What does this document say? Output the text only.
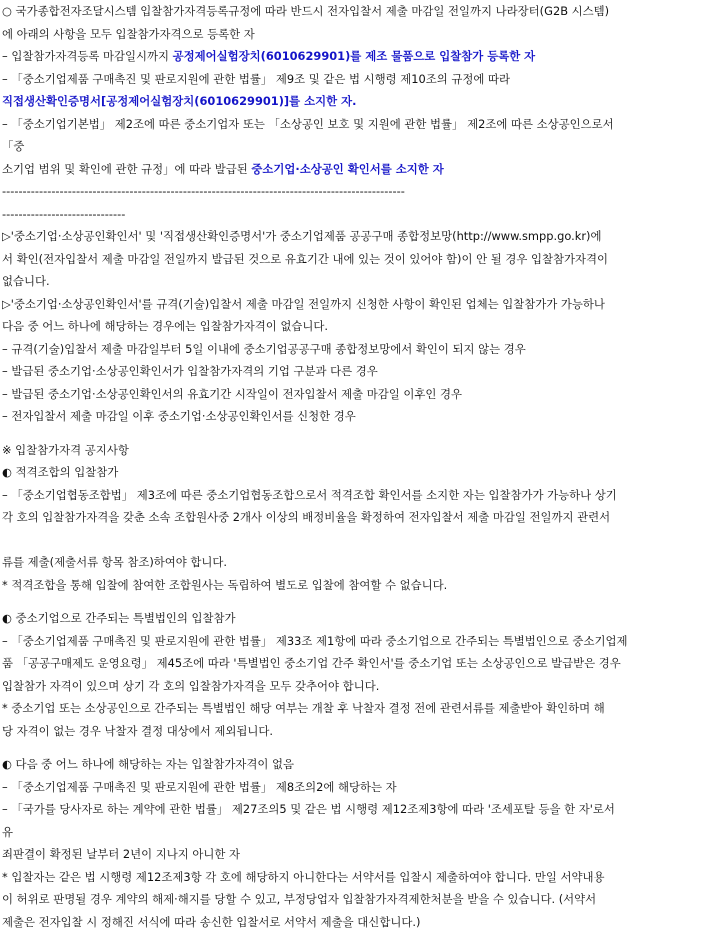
○ 국가종합전자조달시스템 입찰참가자격등록규정에 따라 반드시 전자입찰서 제출 마감일 전일까지 나라장터(G2B 시스템)
에 아래의 사항을 모두 입찰참가자격으로 등록한 자
– 입찰참가자격등록 마감일시까지 공정제어실험장치(6010629901)를 제조 물품으로 입찰참가 등록한 자
– 「중소기업제품 구매촉진 및 판로지원에 관한 법률」 제9조 및 같은 법 시행령 제10조의 규정에 따라
직접생산확인증명서[공정제어실험장치(6010629901)]를 소지한 자.
– 「중소기업기본법」 제2조에 따른 중소기업자 또는 「소상공인 보호 및 지원에 관한 법률」 제2조에 따른 소상공인으로서
「중
소기업 범위 및 확인에 관한 규정」에 따라 발급된 중소기업·소상공인 확인서를 소지한 자
--------------------------------------------------------------------------------------------------
------------------------------
▷'중소기업·소상공인확인서' 및 '직접생산확인증명서'가 중소기업제품 공공구매 종합정보망(http://www.smpp.go.kr)에
서 확인(전자입찰서 제출 마감일 전일까지 발급된 것으로 유효기간 내에 있는 것이 있어야 함)이 안 될 경우 입찰참가자격이
없습니다.
▷'중소기업·소상공인확인서'를 규격(기술)입찰서 제출 마감일 전일까지 신청한 사항이 확인된 업체는 입찰참가가 가능하나
다음 중 어느 하나에 해당하는 경우에는 입찰참가자격이 없습니다.
– 규격(기술)입찰서 제출 마감일부터 5일 이내에 중소기업공공구매 종합정보망에서 확인이 되지 않는 경우
– 발급된 중소기업·소상공인확인서가 입찰참가자격의 기업 구분과 다른 경우
– 발급된 중소기업·소상공인확인서의 유효기간 시작일이 전자입찰서 제출 마감일 이후인 경우
– 전자입찰서 제출 마감일 이후 중소기업·소상공인확인서를 신청한 경우
※ 입찰참가자격 공지사항
◐ 적격조합의 입찰참가
– 「중소기업협동조합법」 제3조에 따른 중소기업협동조합으로서 적격조합 확인서를 소지한 자는 입찰참가가 가능하나 상기
각 호의 입찰참가자격을 갖춘 소속 조합원사중 2개사 이상의 배정비율을 확정하여 전자입찰서 제출 마감일 전일까지 관련서
류를 제출(제출서류 항목 참조)하여야 합니다.
* 적격조합을 통해 입찰에 참여한 조합원사는 독립하여 별도로 입찰에 참여할 수 없습니다.
◐ 중소기업으로 간주되는 특별법인의 입찰참가
– 「중소기업제품 구매촉진 및 판로지원에 관한 법률」 제33조 제1항에 따라 중소기업으로 간주되는 특별법인으로 중소기업제
품 「공공구매제도 운영요령」 제45조에 따라 '특별법인 중소기업 간주 확인서'를 중소기업 또는 소상공인으로 발급받은 경우
입찰참가 자격이 있으며 상기 각 호의 입찰참가자격을 모두 갖추어야 합니다.
* 중소기업 또는 소상공인으로 간주되는 특별법인 해당 여부는 개찰 후 낙찰자 결정 전에 관련서류를 제출받아 확인하며 해
당 자격이 없는 경우 낙찰자 결정 대상에서 제외됩니다.
◐ 다음 중 어느 하나에 해당하는 자는 입찰참가자격이 없음
– 「중소기업제품 구매촉진 및 판로지원에 관한 법률」 제8조의2에 해당하는 자
– 「국가를 당사자로 하는 계약에 관한 법률」 제27조의5 및 같은 법 시행령 제12조제3항에 따라 '조세포탈 등을 한 자'로서
유
죄판결이 확정된 날부터 2년이 지나지 아니한 자
* 입찰자는 같은 법 시행령 제12조제3항 각 호에 해당하지 아니한다는 서약서를 입찰시 제출하여야 합니다. 만일 서약내용
이 허위로 판명될 경우 계약의 해제·해지를 당할 수 있고, 부정당업자 입찰참가자격제한처분을 받을 수 있습니다. (서약서
제출은 전자입찰 시 정해진 서식에 따라 송신한 입찰서로 서약서 제출을 대신합니다.)
